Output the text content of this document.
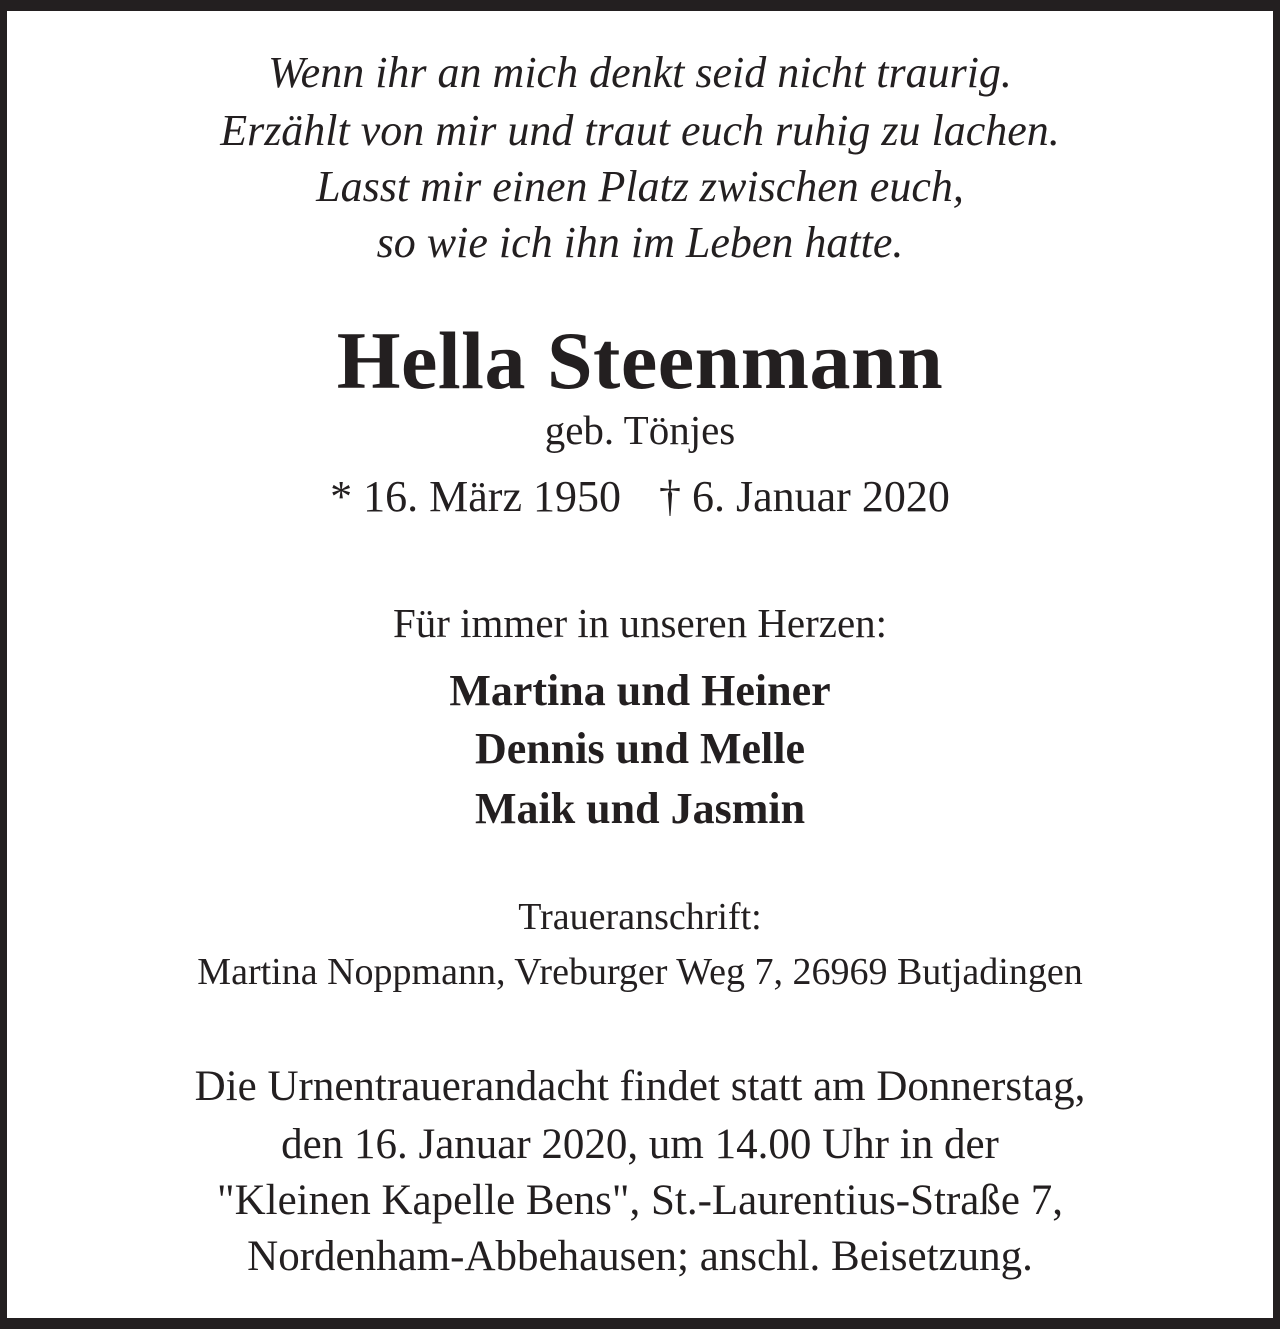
Wenn ihr an mich denkt seid nicht traurig.
Erzählt von mir und traut euch ruhig zu lachen.
Lasst mir einen Platz zwischen euch,
so wie ich ihn im Leben hatte.
Hella Steenmann
geb. Tönjes
* 16. März 1950 † 6. Januar 2020
Für immer in unseren Herzen:
Martina und Heiner
Dennis und Melle
Maik und Jasmin
Traueranschrift:
Martina Noppmann, Vreburger Weg 7, 26969 Butjadingen
Die Urnentrauerandacht findet statt am Donnerstag,
den 16. Januar 2020, um 14.00 Uhr in der
"Kleinen Kapelle Bens", St.-Laurentius-Straße 7,
Nordenham-Abbehausen; anschl. Beisetzung.
